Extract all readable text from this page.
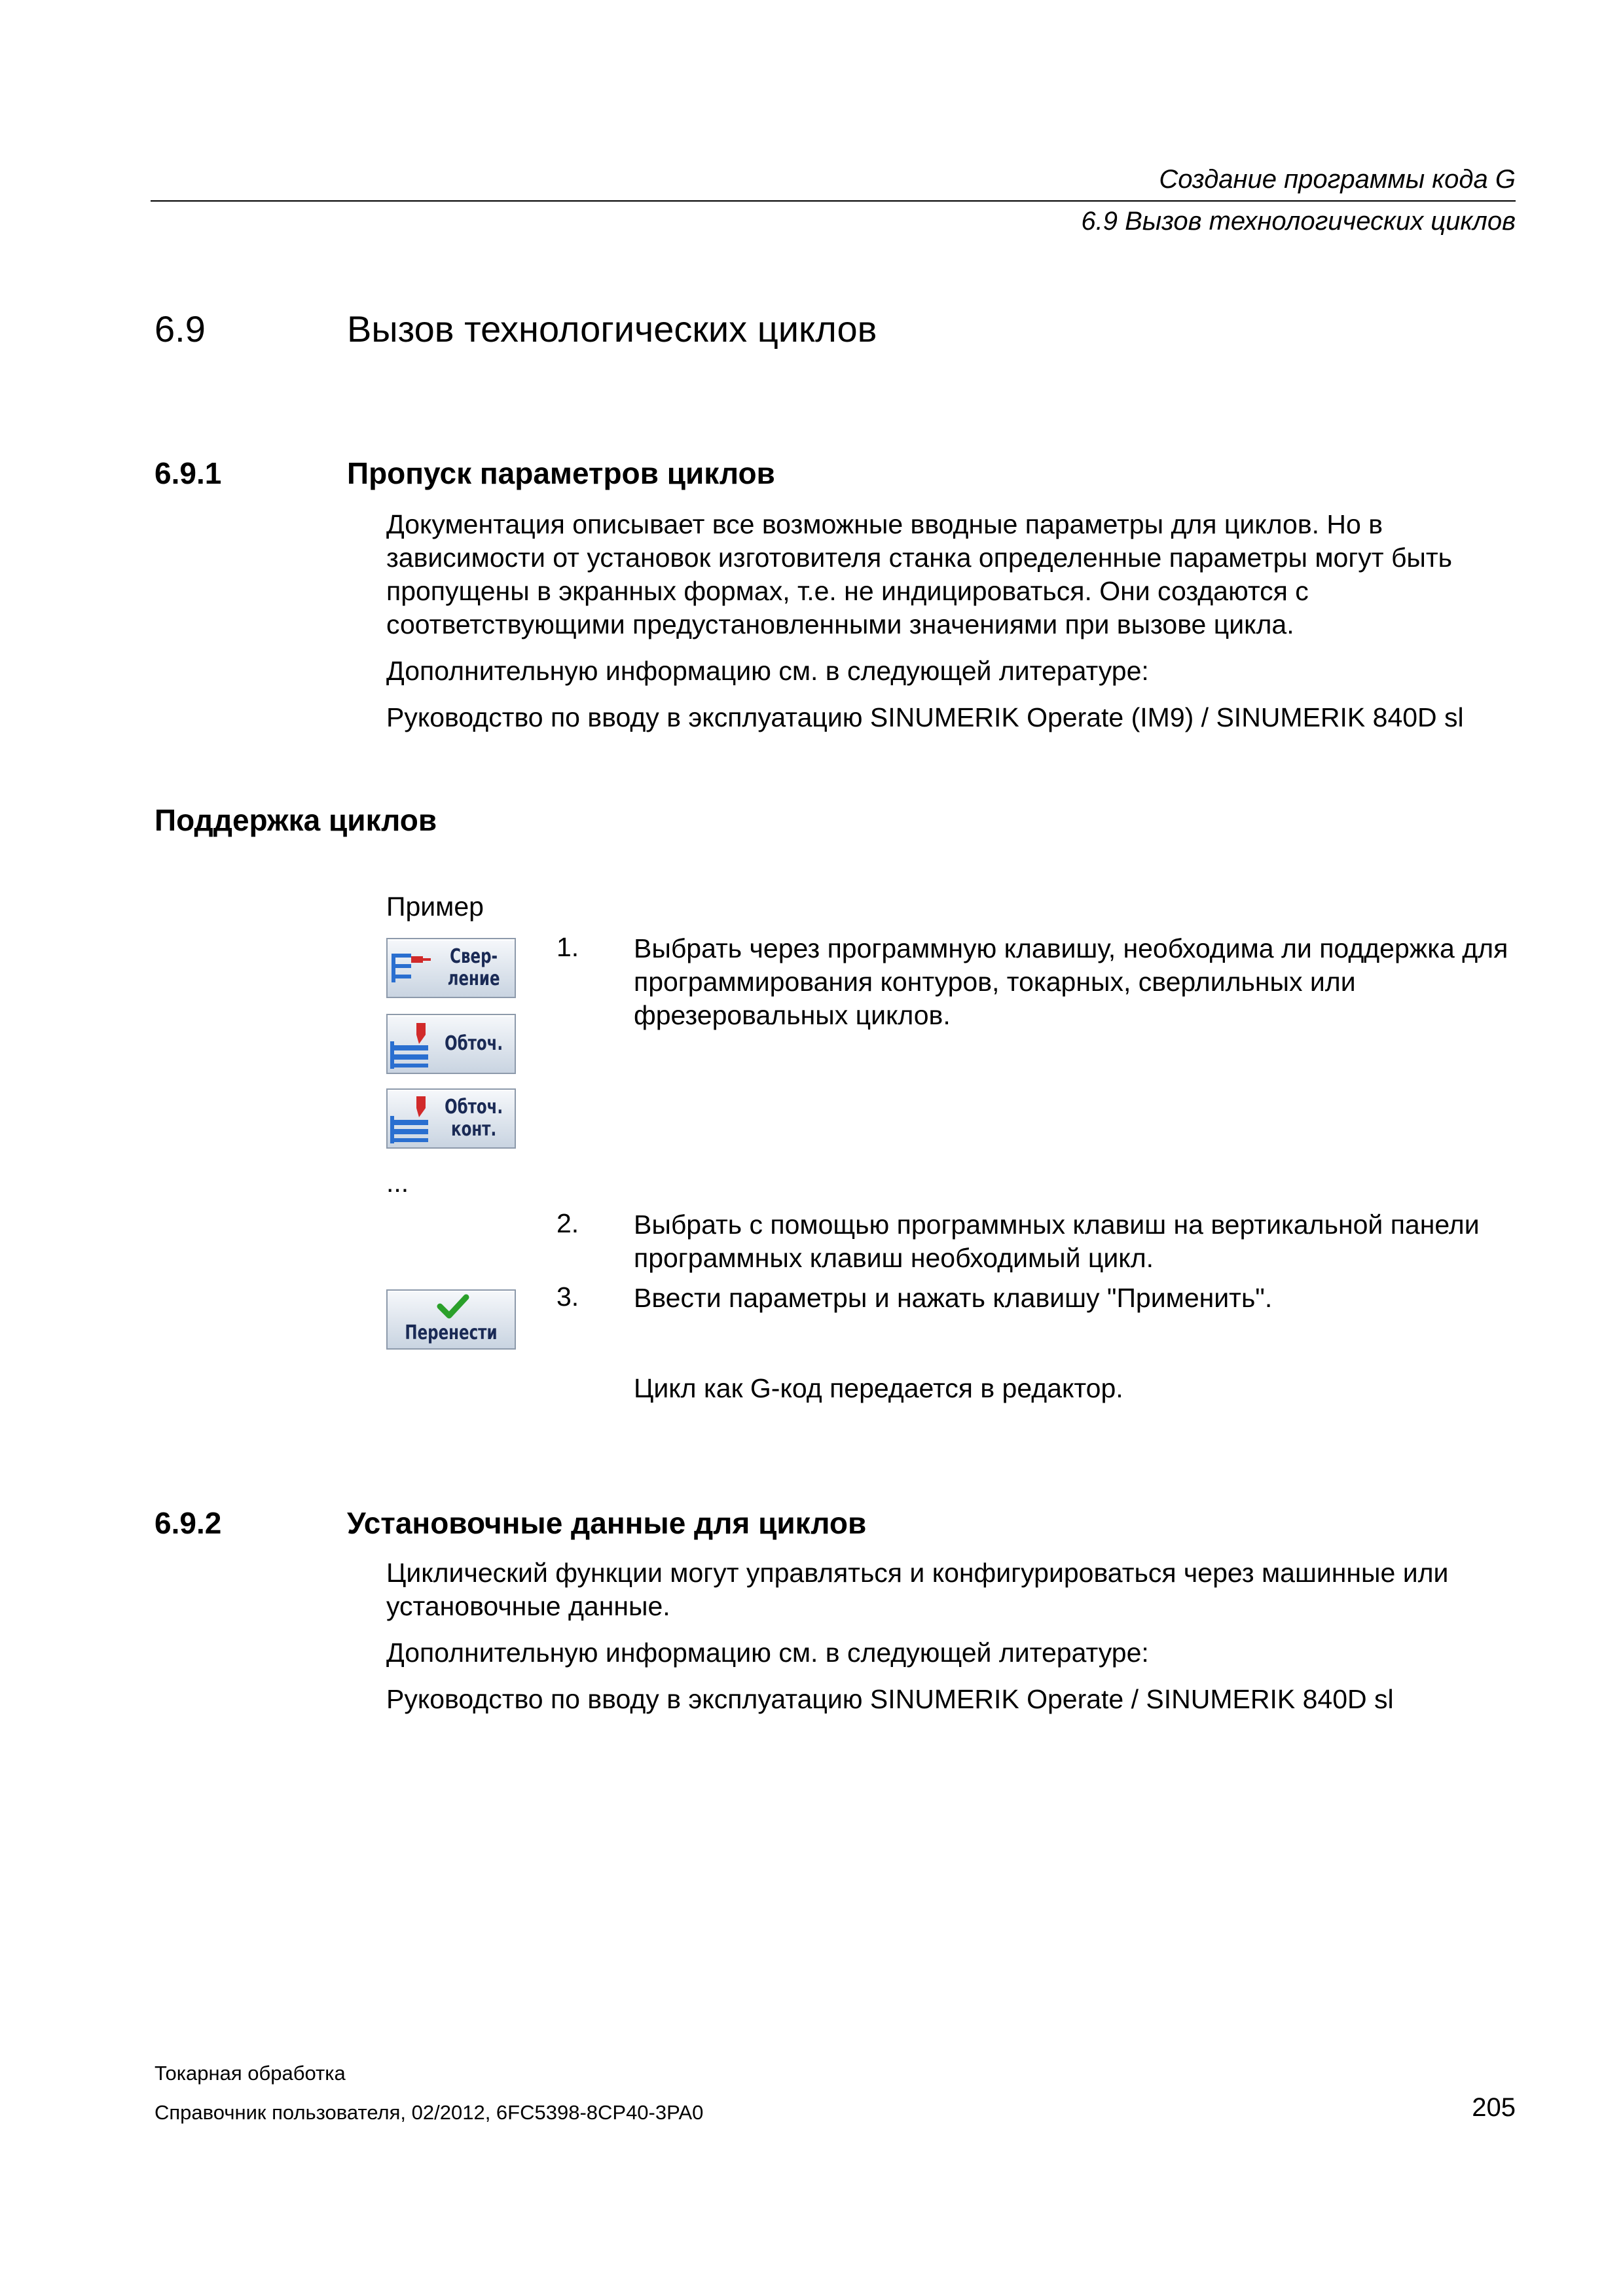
Создание программы кода G
6.9 Вызов технологических циклов
6.9	Вызов технологических циклов
6.9.1	Пропуск параметров циклов

Документация описывает все возможные вводные параметры для циклов. Но в зависимости от установок изготовителя станка определенные параметры могут быть пропущены в экранных формах, т.е. не индицироваться. Они создаются с соответствующими предустановленными значениями при вызове цикла.

Дополнительную информацию см. в следующей литературе:

Руководство по вводу в эксплуатацию SINUMERIK Operate (IM9) / SINUMERIK 840D sl

Поддержка циклов
Пример
Свер-
ление
Обточ.
Обточ.
конт.
...
Перенести
1. Выбрать через программную клавишу, необходима ли поддержка для программирования контуров, токарных, сверлильных или фрезеровальных циклов.
2. Выбрать с помощью программных клавиш на вертикальной панели программных клавиш необходимый цикл.
3. Ввести параметры и нажать клавишу "Применить".
Цикл как G-код передается в редактор.
6.9.2	Установочные данные для циклов

Циклический функции могут управляться и конфигурироваться через машинные или установочные данные.

Дополнительную информацию см. в следующей литературе:

Руководство по вводу в эксплуатацию SINUMERIK Operate / SINUMERIK 840D sl

Токарная обработка
Справочник пользователя, 02/2012, 6FC5398-8CP40-3PA0	205
